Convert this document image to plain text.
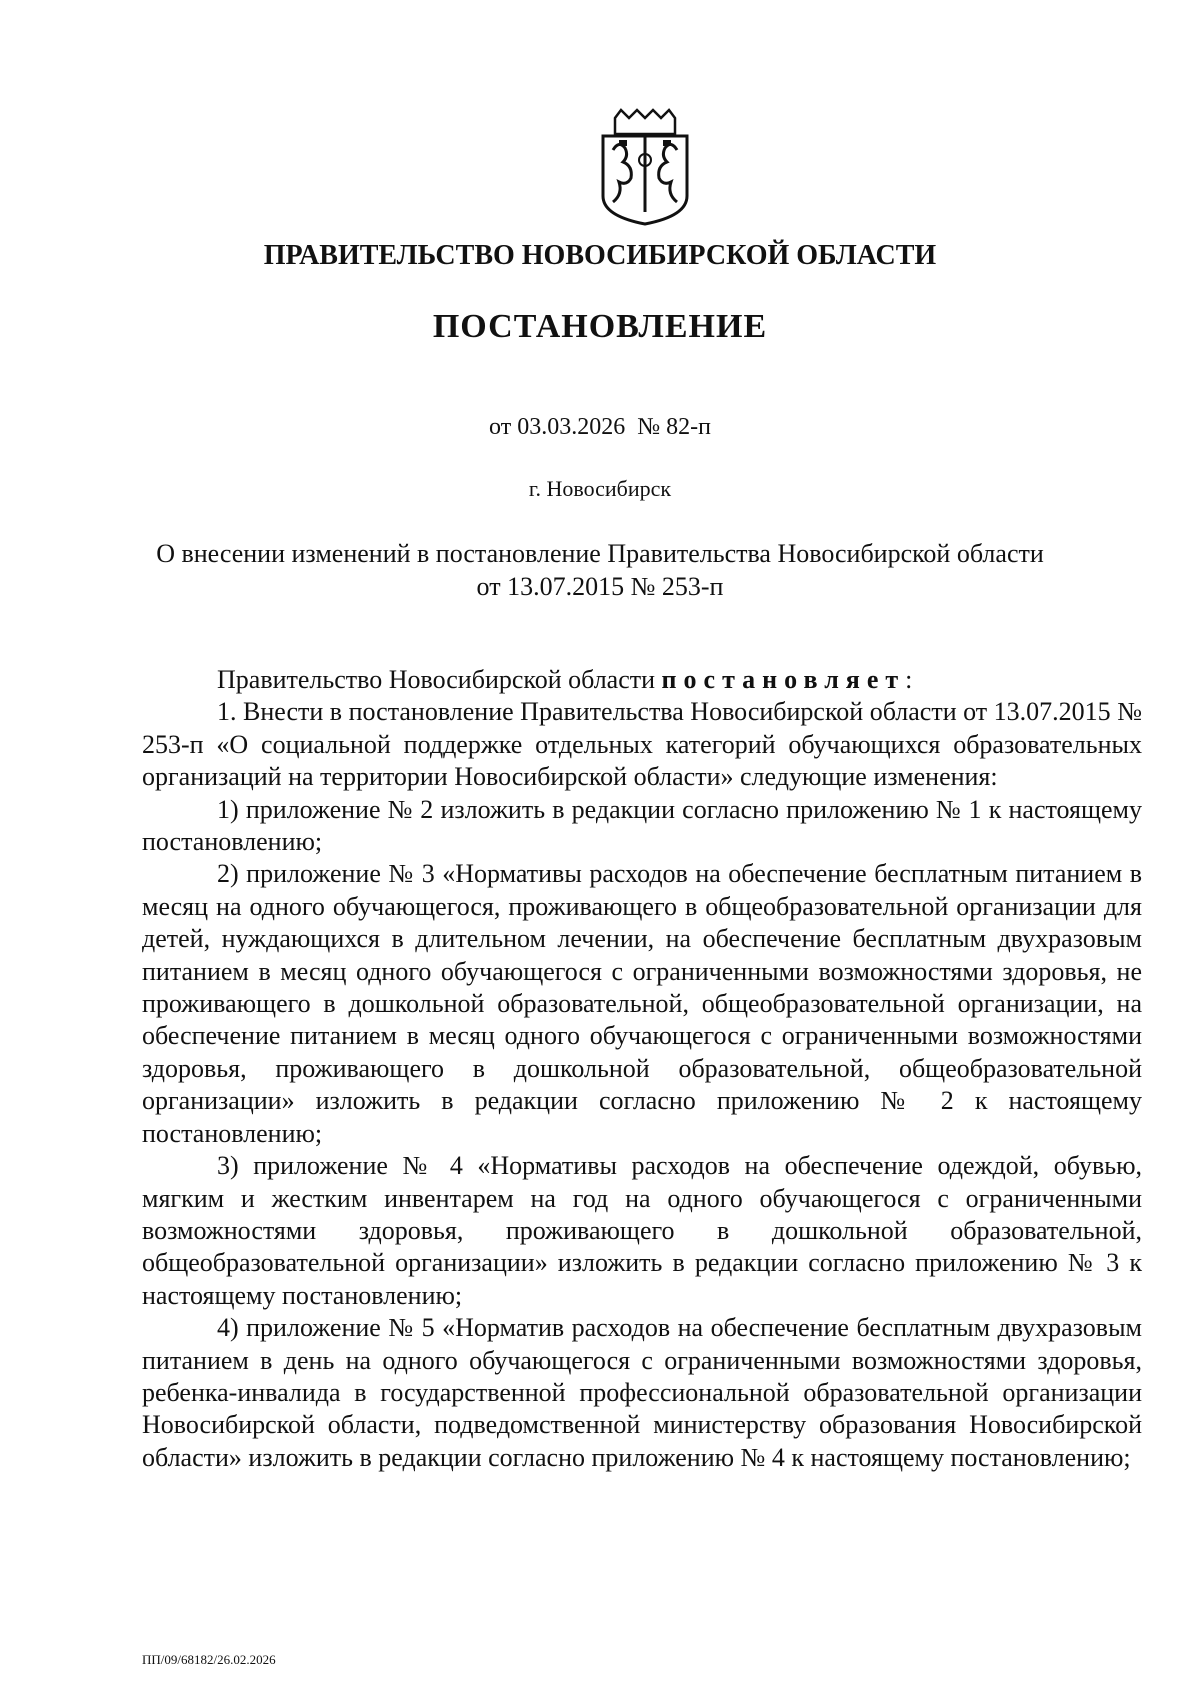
ПРАВИТЕЛЬСТВО НОВОСИБИРСКОЙ ОБЛАСТИ
ПОСТАНОВЛЕНИЕ
от 03.03.2026  № 82-п
г. Новосибирск
О внесении изменений в постановление Правительства Новосибирской области
от 13.07.2015 № 253-п

Правительство Новосибирской области постановляет:

1. Внести в постановление Правительства Новосибирской области от 13.07.2015 № 253-п «О социальной поддержке отдельных категорий обучающихся образовательных организаций на территории Новосибирской области» следующие изменения:

1) приложение № 2 изложить в редакции согласно приложению № 1 к настоящему постановлению;

2) приложение № 3 «Нормативы расходов на обеспечение бесплатным питанием в месяц на одного обучающегося, проживающего в общеобразовательной организации для детей, нуждающихся в длительном лечении, на обеспечение бесплатным двухразовым питанием в месяц одного обучающегося с ограниченными возможностями здоровья, не проживающего в дошкольной образовательной, общеобразовательной организации, на обеспечение питанием в месяц одного обучающегося с ограниченными возможностями здоровья, проживающего в дошкольной образовательной, общеобразовательной организации» изложить в редакции согласно приложению № 2 к настоящему постановлению;

3) приложение № 4 «Нормативы расходов на обеспечение одеждой, обувью, мягким и жестким инвентарем на год на одного обучающегося с ограниченными возможностями здоровья, проживающего в дошкольной образовательной, общеобразовательной организации» изложить в редакции согласно приложению № 3 к настоящему постановлению;

4) приложение № 5 «Норматив расходов на обеспечение бесплатным двухразовым питанием в день на одного обучающегося с ограниченными возможностями здоровья, ребенка-инвалида в государственной профессиональной образовательной организации Новосибирской области, подведомственной министерству образования Новосибирской области» изложить в редакции согласно приложению № 4 к настоящему постановлению;

ПП/09/68182/26.02.2026
